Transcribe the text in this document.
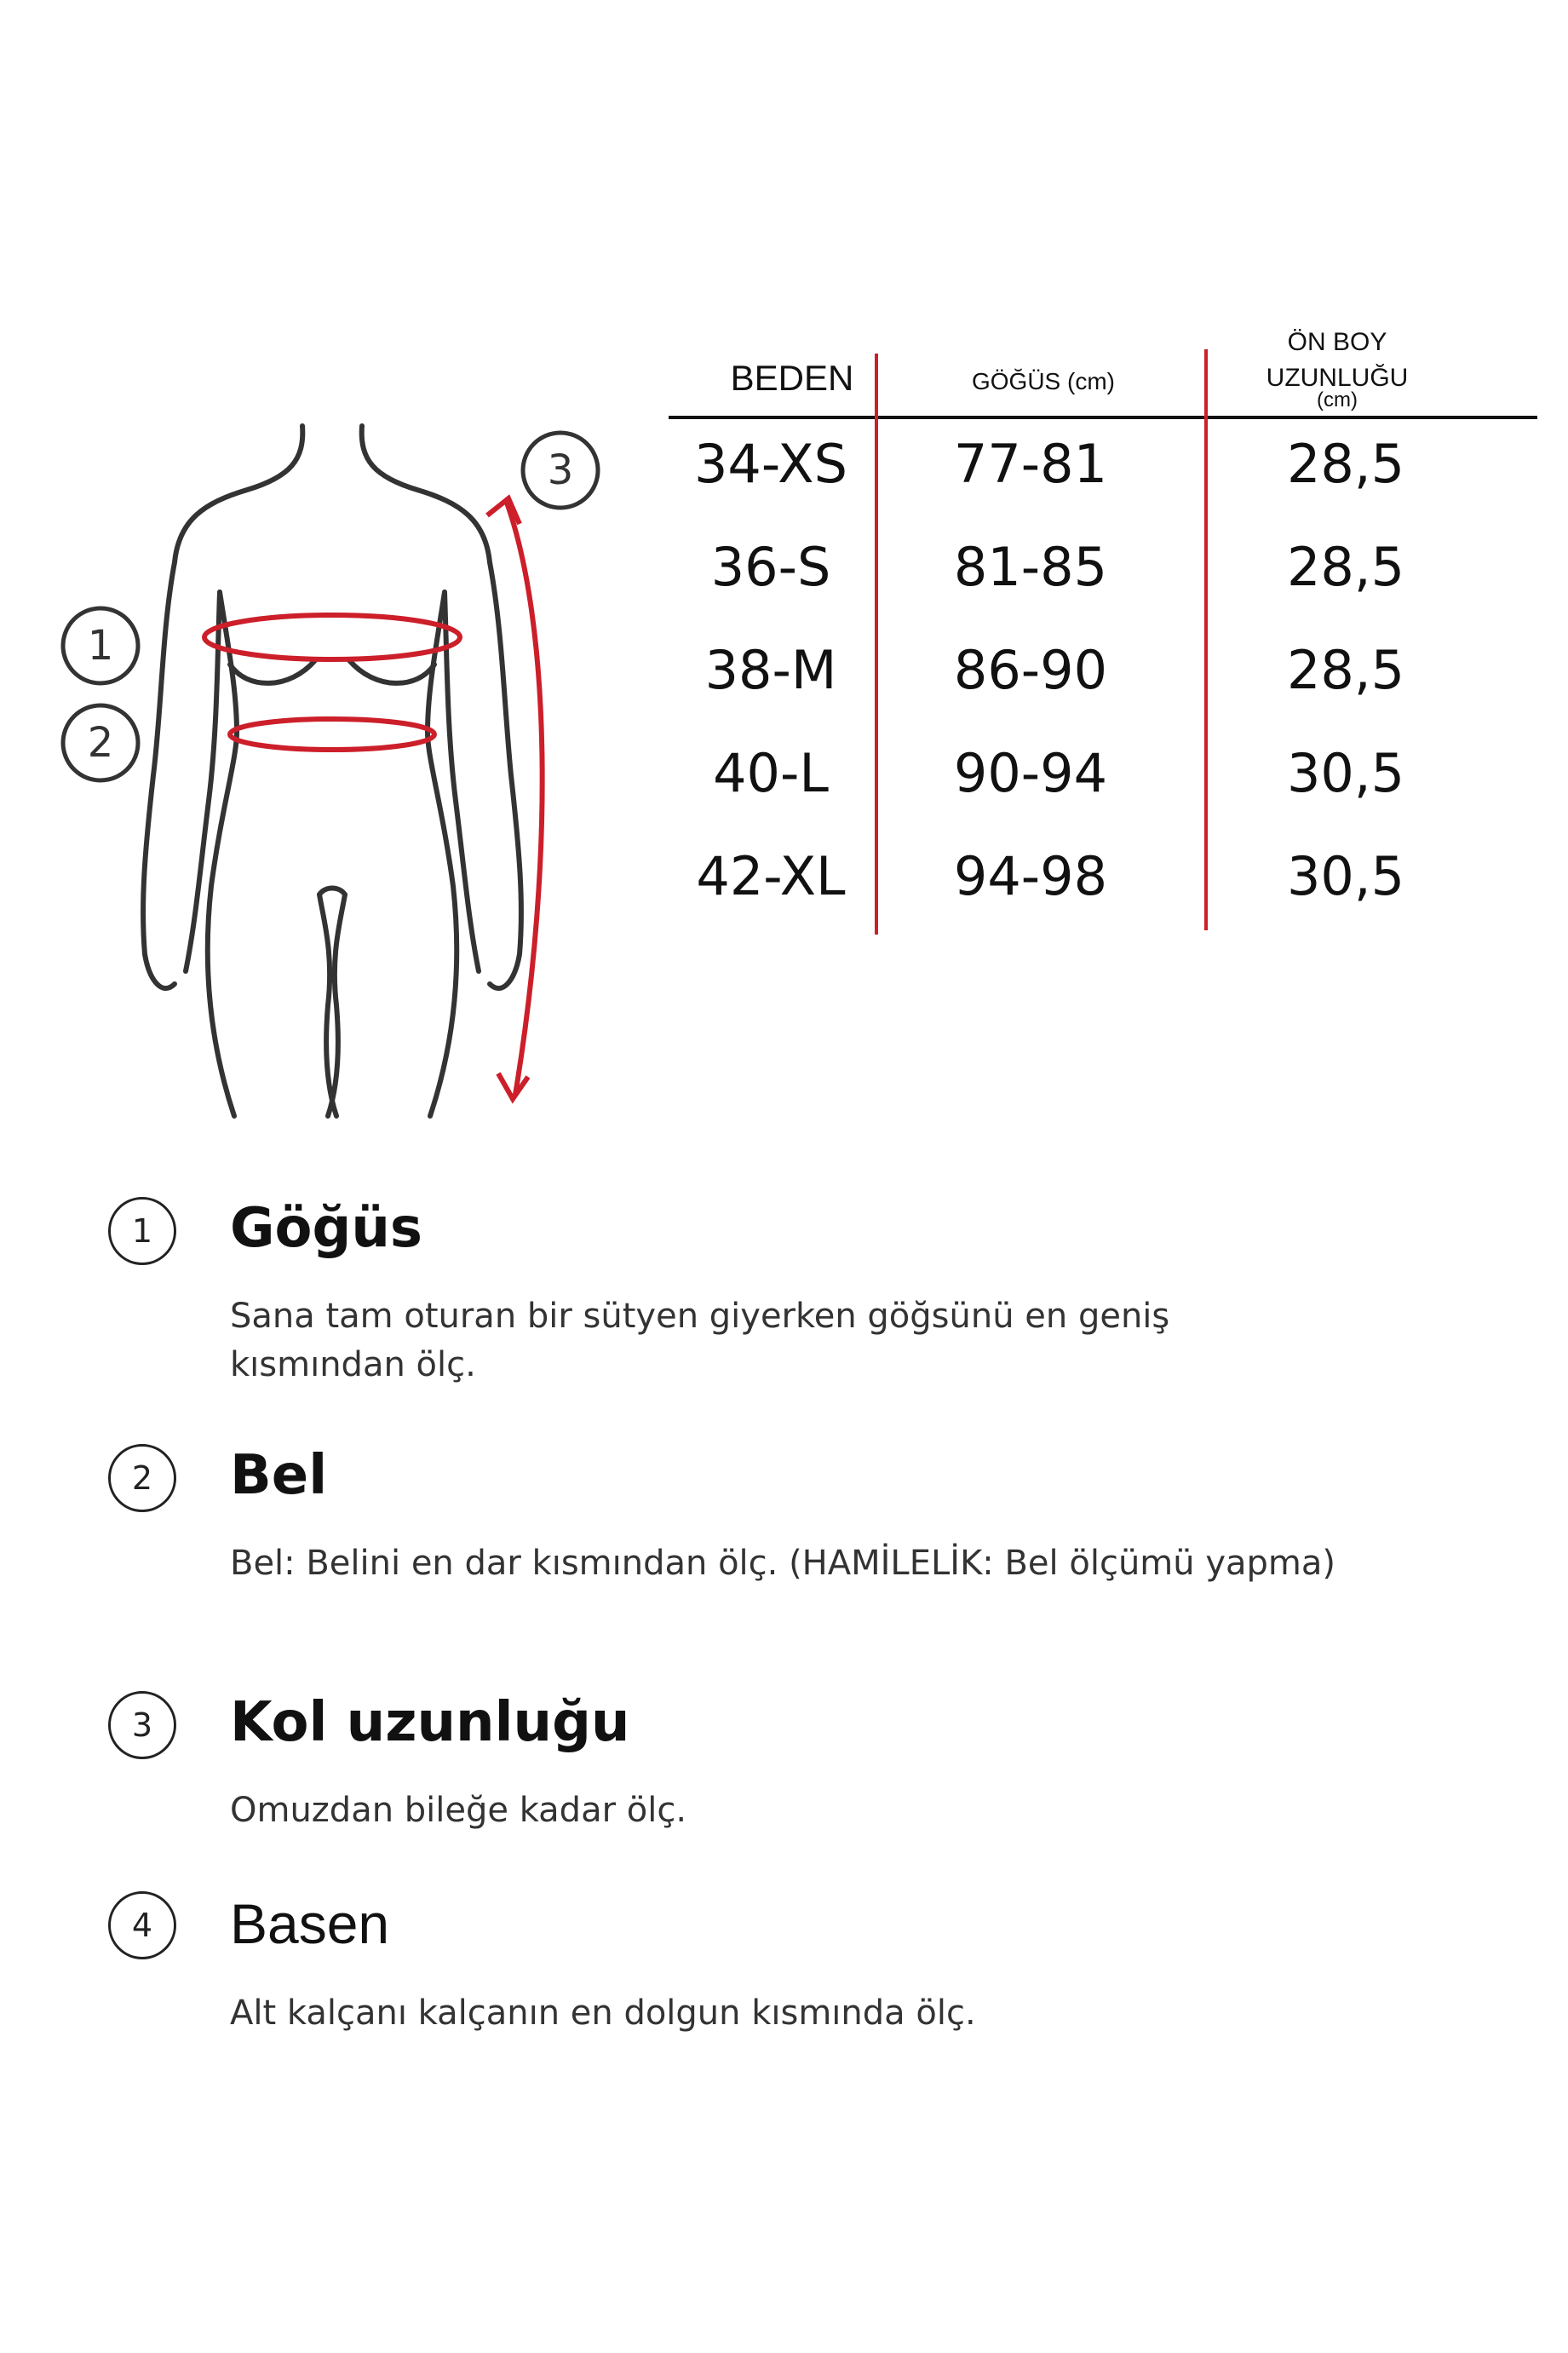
BEDEN	GÖĞÜS (cm)
ÖN BOY
UZUNLUĞU
(cm)
34-XS	77-81	28,5
36-S	81-85	28,5
38-M	86-90	28,5
40-L	90-94	30,5
42-XL	94-98	30,5
1
2
3
1	Göğüs
Sana tam oturan bir sütyen giyerken göğsünü en geniş kısmından ölç.
2	Bel
Bel: Belini en dar kısmından ölç. (HAMİLELİK: Bel ölçümü yapma)
3	Kol uzunluğu
Omuzdan bileğe kadar ölç.
4	Basen
Alt kalçanı kalçanın en dolgun kısmında ölç.
